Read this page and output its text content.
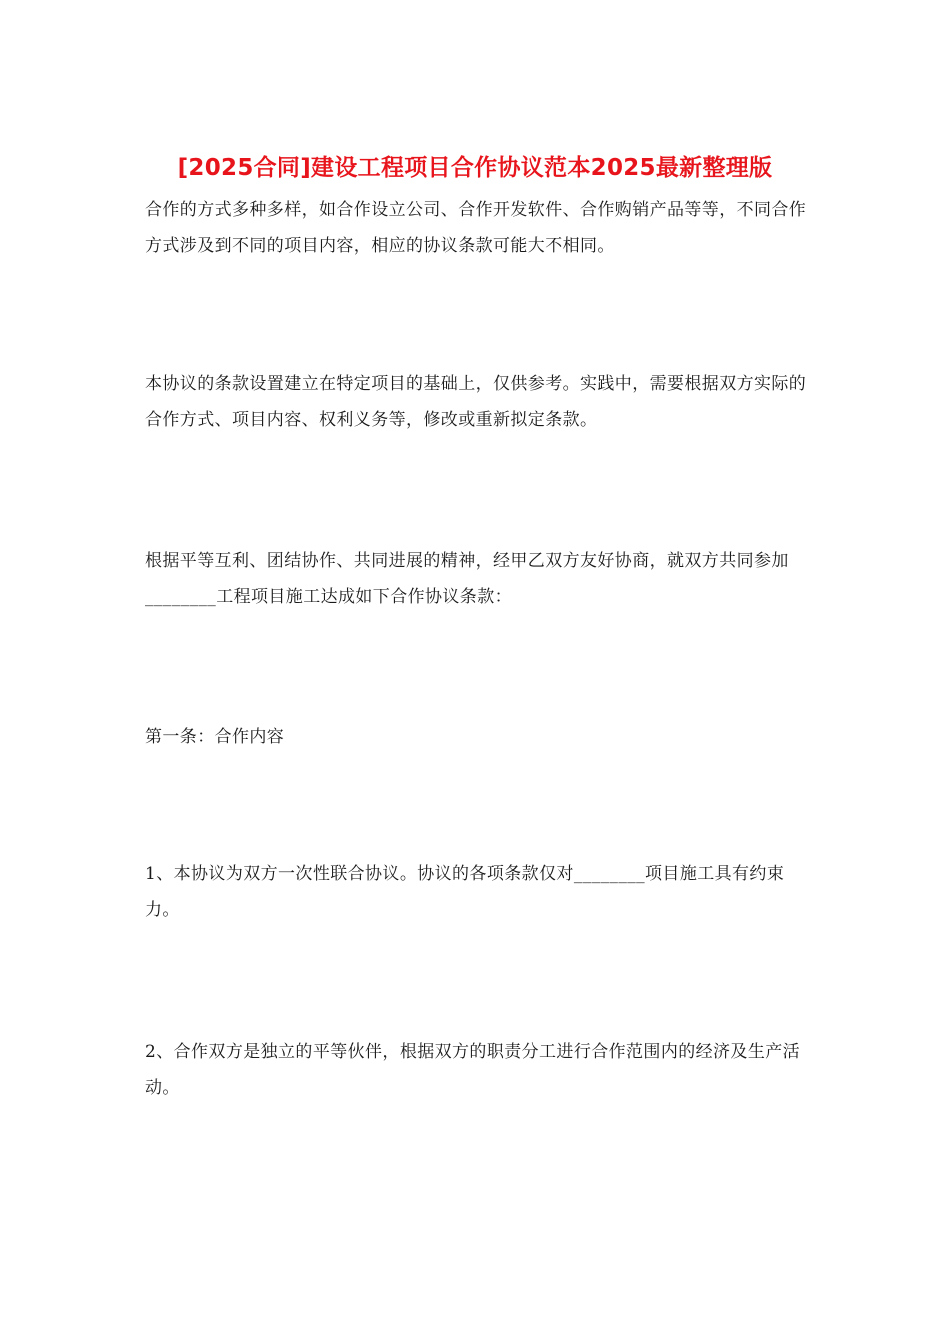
[2025合同]建设工程项目合作协议范本2025最新整理版

合作的方式多种多样，如合作设立公司、合作开发软件、合作购销产品等等，不同合作方式涉及到不同的项目内容，相应的协议条款可能大不相同。

本协议的条款设置建立在特定项目的基础上，仅供参考。实践中，需要根据双方实际的合作方式、项目内容、权利义务等，修改或重新拟定条款。

根据平等互利、团结协作、共同进展的精神，经甲乙双方友好协商，就双方共同参加________工程项目施工达成如下合作协议条款：

第一条：合作内容

1、本协议为双方一次性联合协议。协议的各项条款仅对________项目施工具有约束力。

2、合作双方是独立的平等伙伴，根据双方的职责分工进行合作范围内的经济及生产活动。
